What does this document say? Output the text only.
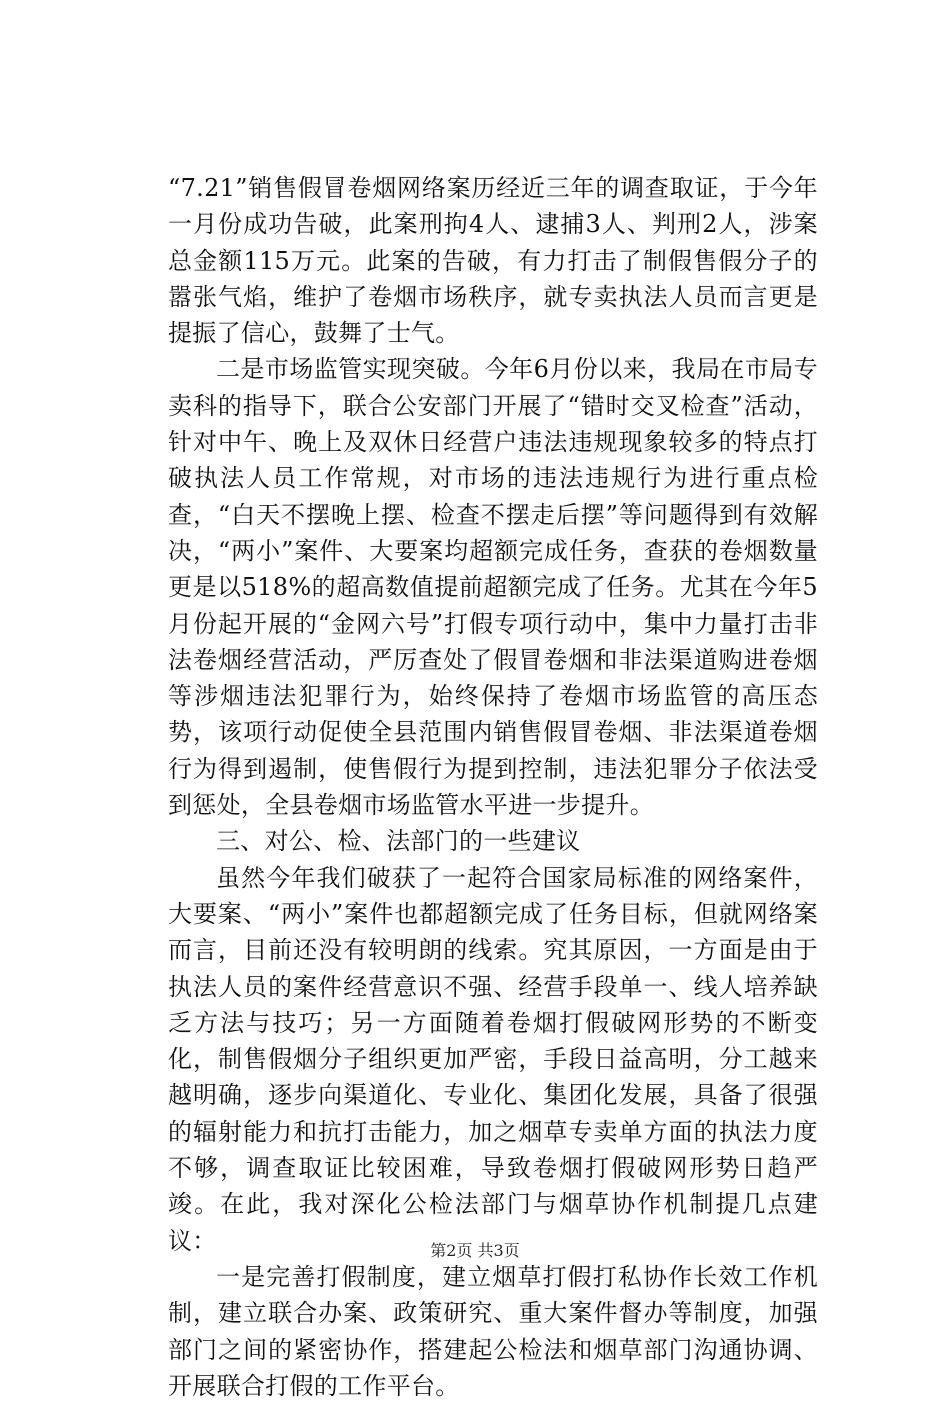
“7.21”销售假冒卷烟网络案历经近三年的调查取证，于今年一月份成功告破，此案刑拘4人、逮捕3人、判刑2人，涉案总金额115万元。此案的告破，有力打击了制假售假分子的嚣张气焰，维护了卷烟市场秩序，就专卖执法人员而言更是提振了信心，鼓舞了士气。

二是市场监管实现突破。今年6月份以来，我局在市局专卖科的指导下，联合公安部门开展了“错时交叉检查”活动，针对中午、晚上及双休日经营户违法违规现象较多的特点打破执法人员工作常规，对市场的违法违规行为进行重点检查，“白天不摆晚上摆、检查不摆走后摆”等问题得到有效解决，“两小”案件、大要案均超额完成任务，查获的卷烟数量更是以518%的超高数值提前超额完成了任务。尤其在今年5月份起开展的“金网六号”打假专项行动中，集中力量打击非法卷烟经营活动，严厉查处了假冒卷烟和非法渠道购进卷烟等涉烟违法犯罪行为，始终保持了卷烟市场监管的高压态势，该项行动促使全县范围内销售假冒卷烟、非法渠道卷烟行为得到遏制，使售假行为提到控制，违法犯罪分子依法受到惩处，全县卷烟市场监管水平进一步提升。

三、对公、检、法部门的一些建议

虽然今年我们破获了一起符合国家局标准的网络案件，大要案、“两小”案件也都超额完成了任务目标，但就网络案而言，目前还没有较明朗的线索。究其原因，一方面是由于执法人员的案件经营意识不强、经营手段单一、线人培养缺乏方法与技巧；另一方面随着卷烟打假破网形势的不断变化，制售假烟分子组织更加严密，手段日益高明，分工越来越明确，逐步向渠道化、专业化、集团化发展，具备了很强的辐射能力和抗打击能力，加之烟草专卖单方面的执法力度不够，调查取证比较困难，导致卷烟打假破网形势日趋严竣。在此，我对深化公检法部门与烟草协作机制提几点建议：

一是完善打假制度，建立烟草打假打私协作长效工作机制，建立联合办案、政策研究、重大案件督办等制度，加强部门之间的紧密协作，搭建起公检法和烟草部门沟通协调、开展联合打假的工作平台。

第2页 共3页
